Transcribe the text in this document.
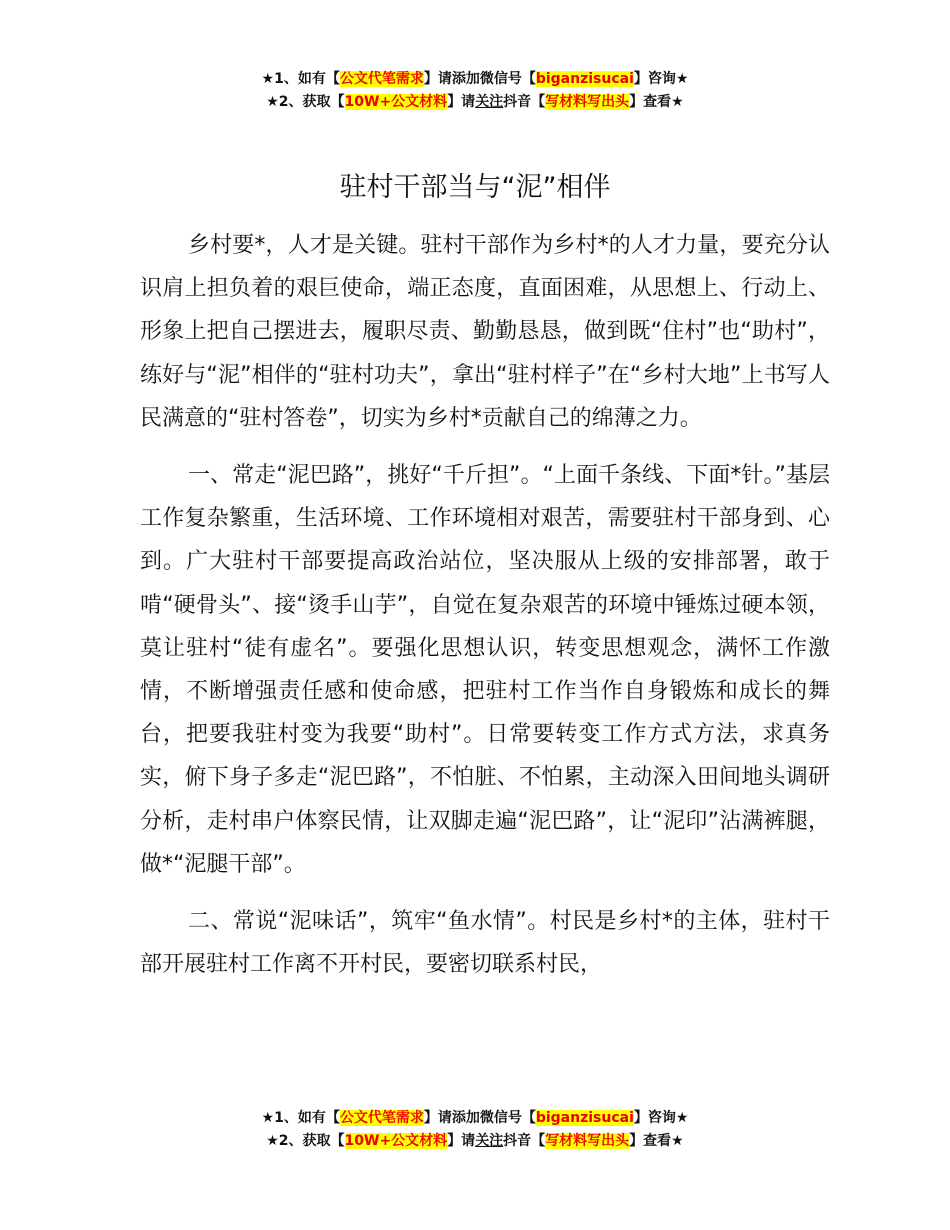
★1、如有【公文代笔需求】请添加微信号【biganzisucai】咨询★
★2、获取【10W+公文材料】请关注抖音【写材料写出头】查看★
驻村干部当与“泥”相伴

乡村要*，人才是关键。驻村干部作为乡村*的人才力量，要充分认识肩上担负着的艰巨使命，端正态度，直面困难，从思想上、行动上、形象上把自己摆进去，履职尽责、勤勤恳恳，做到既“住村”也“助村”，练好与“泥”相伴的“驻村功夫”，拿出“驻村样子”在“乡村大地”上书写人民满意的“驻村答卷”，切实为乡村*贡献自己的绵薄之力。

一、常走“泥巴路”，挑好“千斤担”。“上面千条线、下面*针。”基层工作复杂繁重，生活环境、工作环境相对艰苦，需要驻村干部身到、心到。广大驻村干部要提高政治站位，坚决服从上级的安排部署，敢于啃“硬骨头”、接“烫手山芋”，自觉在复杂艰苦的环境中锤炼过硬本领，莫让驻村“徒有虚名”。要强化思想认识，转变思想观念，满怀工作激情，不断增强责任感和使命感，把驻村工作当作自身锻炼和成长的舞台，把要我驻村变为我要“助村”。日常要转变工作方式方法，求真务实，俯下身子多走“泥巴路”，不怕脏、不怕累，主动深入田间地头调研分析，走村串户体察民情，让双脚走遍“泥巴路”，让“泥印”沾满裤腿，做*“泥腿干部”。

二、常说“泥味话”，筑牢“鱼水情”。村民是乡村*的主体，驻村干部开展驻村工作离不开村民，要密切联系村民，

★1、如有【公文代笔需求】请添加微信号【biganzisucai】咨询★
★2、获取【10W+公文材料】请关注抖音【写材料写出头】查看★
